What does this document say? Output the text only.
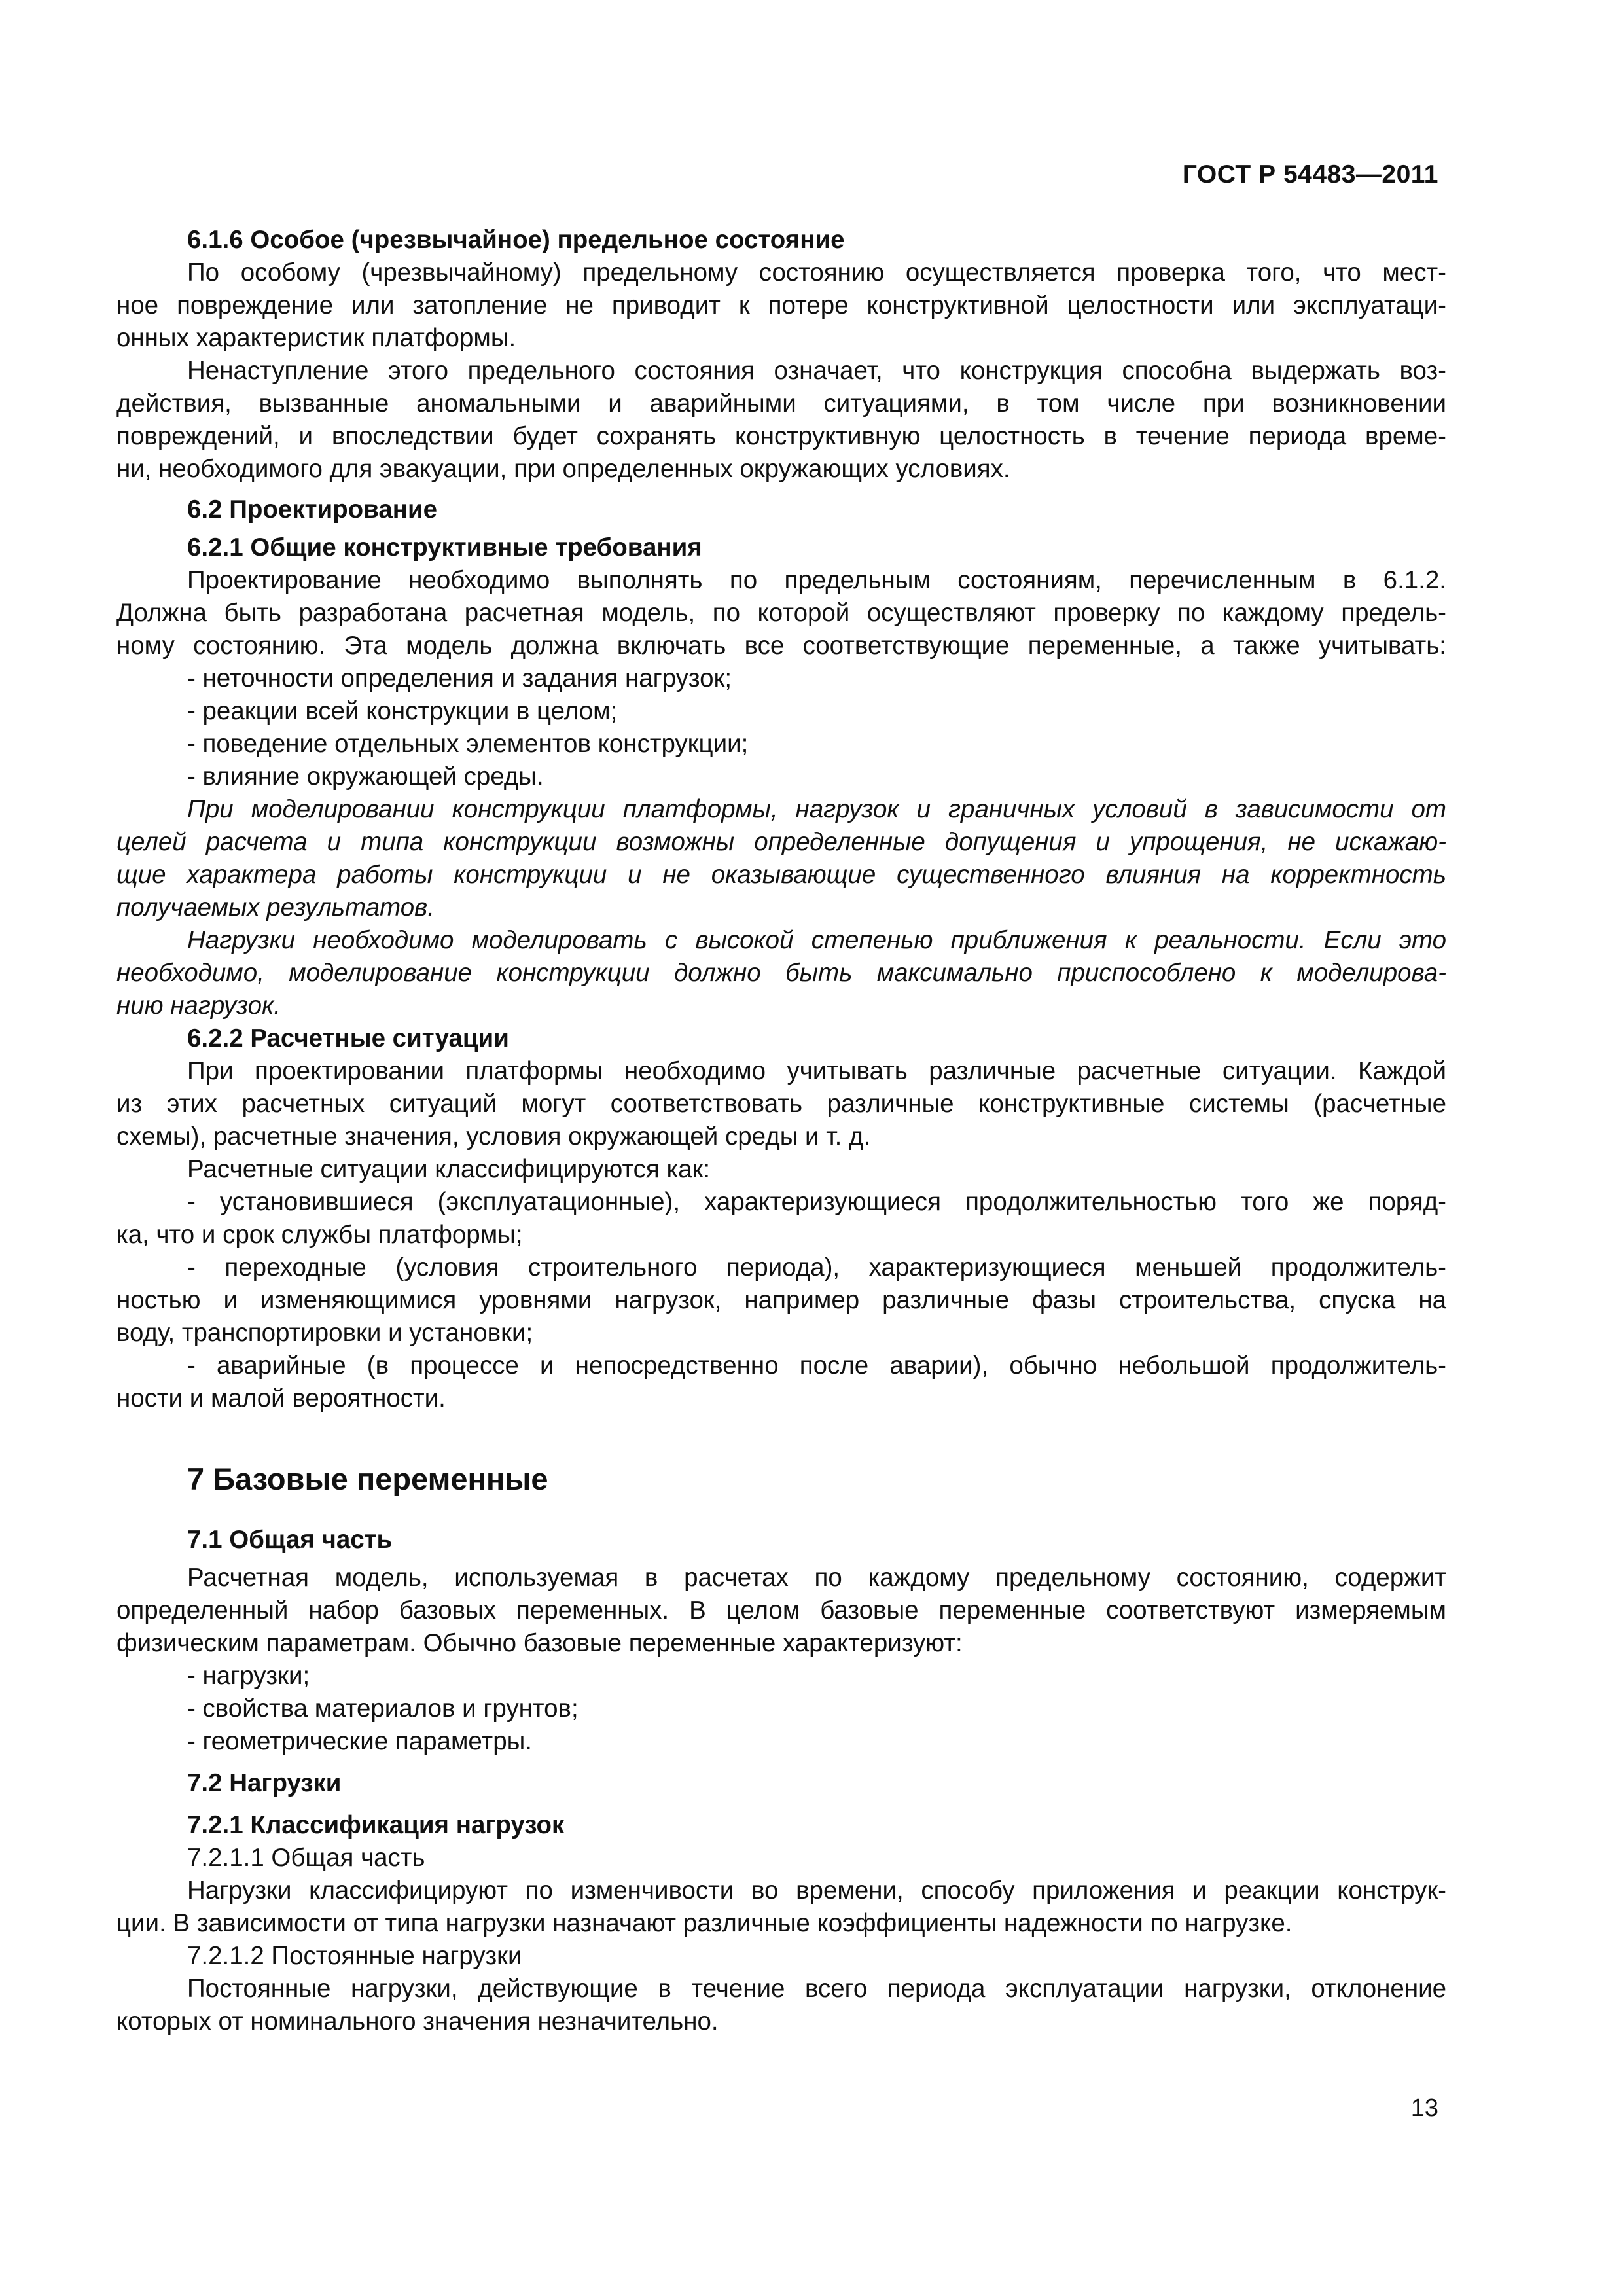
ГОСТ Р 54483—2011

6.1.6 Особое (чрезвычайное) предельное состояние

По особому (чрезвычайному) предельному состоянию осуществляется проверка того, что мест-

ное повреждение или затопление не приводит к потере конструктивной целостности или эксплуатаци-

онных характеристик платформы.

Ненаступление этого предельного состояния означает, что конструкция способна выдержать воз-

действия, вызванные аномальными и аварийными ситуациями, в том числе при возникновении

повреждений, и впоследствии будет сохранять конструктивную целостность в течение периода време-

ни, необходимого для эвакуации, при определенных окружающих условиях.

6.2 Проектирование

6.2.1 Общие конструктивные требования

Проектирование необходимо выполнять по предельным состояниям, перечисленным в 6.1.2.

Должна быть разработана расчетная модель, по которой осуществляют проверку по каждому предель-

ному состоянию. Эта модель должна включать все соответствующие переменные, а также учитывать:

- неточности определения и задания нагрузок;

- реакции всей конструкции в целом;

- поведение отдельных элементов конструкции;

- влияние окружающей среды.

При моделировании конструкции платформы, нагрузок и граничных условий в зависимости от

целей расчета и типа конструкции возможны определенные допущения и упрощения, не искажаю-

щие характера работы конструкции и не оказывающие существенного влияния на корректность

получаемых результатов.

Нагрузки необходимо моделировать с высокой степенью приближения к реальности. Если это

необходимо, моделирование конструкции должно быть максимально приспособлено к моделирова-

нию нагрузок.

6.2.2 Расчетные ситуации

При проектировании платформы необходимо учитывать различные расчетные ситуации. Каждой

из этих расчетных ситуаций могут соответствовать различные конструктивные системы (расчетные

схемы), расчетные значения, условия окружающей среды и т. д.

Расчетные ситуации классифицируются как:

- установившиеся (эксплуатационные), характеризующиеся продолжительностью того же поряд-

ка, что и срок службы платформы;

- переходные (условия строительного периода), характеризующиеся меньшей продолжитель-

ностью и изменяющимися уровнями нагрузок, например различные фазы строительства, спуска на

воду, транспортировки и установки;

- аварийные (в процессе и непосредственно после аварии), обычно небольшой продолжитель-

ности и малой вероятности.

7 Базовые переменные

7.1 Общая часть

Расчетная модель, используемая в расчетах по каждому предельному состоянию, содержит

определенный набор базовых переменных. В целом базовые переменные соответствуют измеряемым

физическим параметрам. Обычно базовые переменные характеризуют:

- нагрузки;

- свойства материалов и грунтов;

- геометрические параметры.

7.2 Нагрузки

7.2.1 Классификация нагрузок

7.2.1.1 Общая часть

Нагрузки классифицируют по изменчивости во времени, способу приложения и реакции конструк-

ции. В зависимости от типа нагрузки назначают различные коэффициенты надежности по нагрузке.

7.2.1.2 Постоянные нагрузки

Постоянные нагрузки, действующие в течение всего периода эксплуатации нагрузки, отклонение

которых от номинального значения незначительно.

13
